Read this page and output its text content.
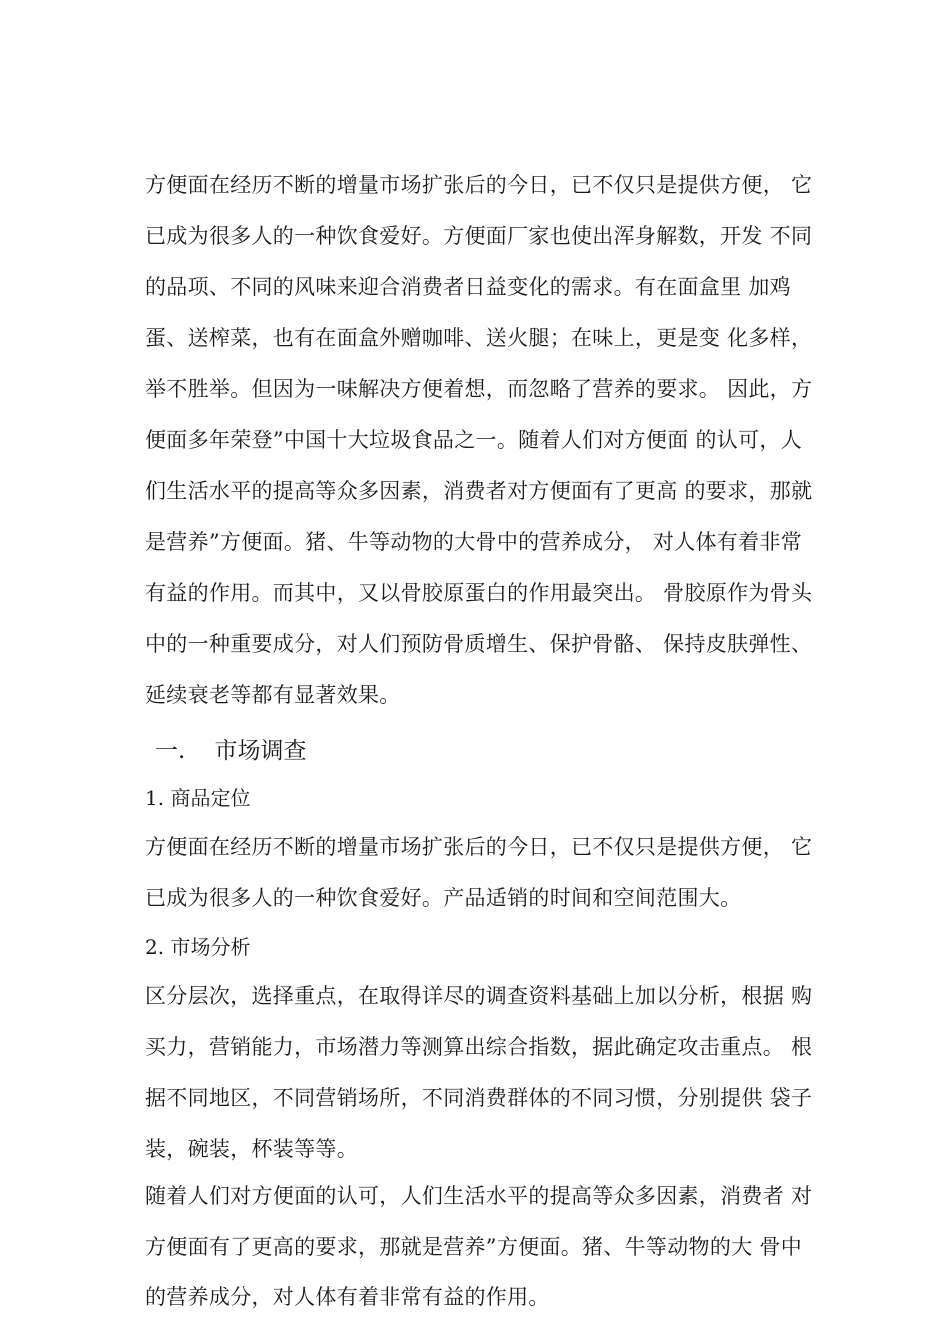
方便面在经历不断的增量市场扩张后的今日，已不仅只是提供方便， 它
已成为很多人的一种饮食爱好。方便面厂家也使出浑身解数，开发 不同
的品项、不同的风味来迎合消费者日益变化的需求。有在面盒里 加鸡
蛋、送榨菜，也有在面盒外赠咖啡、送火腿；在味上，更是变 化多样，
举不胜举。但因为一味解决方便着想，而忽略了营养的要求。 因此，方
便面多年荣登”中国十大垃圾食品之一。随着人们对方便面 的认可，人
们生活水平的提高等众多因素，消费者对方便面有了更高 的要求，那就
是营养”方便面。猪、牛等动物的大骨中的营养成分， 对人体有着非常
有益的作用。而其中，又以骨胶原蛋白的作用最突出。 骨胶原作为骨头
中的一种重要成分，对人们预防骨质增生、保护骨骼、 保持皮肤弹性、
延续衰老等都有显著效果。
一.    市场调查
1. 商品定位
方便面在经历不断的增量市场扩张后的今日，已不仅只是提供方便， 它
已成为很多人的一种饮食爱好。产品适销的时间和空间范围大。
2. 市场分析
区分层次，选择重点，在取得详尽的调查资料基础上加以分析，根据 购
买力，营销能力，市场潜力等测算出综合指数，据此确定攻击重点。 根
据不同地区，不同营销场所，不同消费群体的不同习惯，分别提供 袋子
装，碗装，杯装等等。
随着人们对方便面的认可，人们生活水平的提高等众多因素，消费者 对
方便面有了更高的要求，那就是营养”方便面。猪、牛等动物的大 骨中
的营养成分，对人体有着非常有益的作用。
